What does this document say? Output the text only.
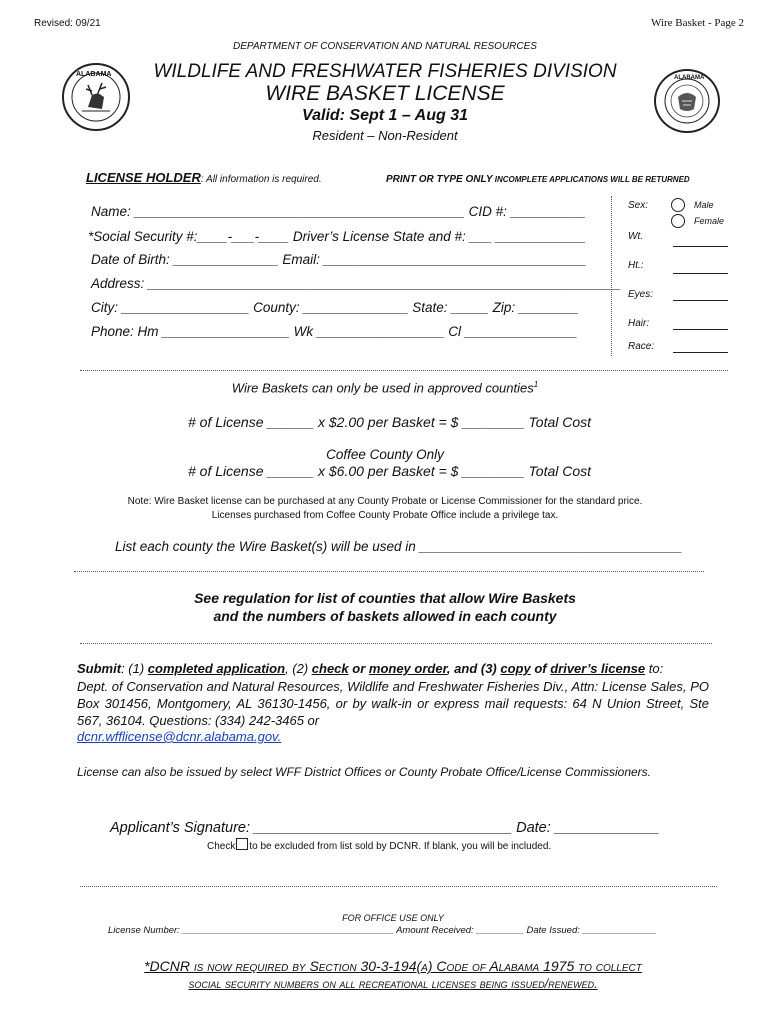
Revised: 09/21	Wire Basket - Page 2
DEPARTMENT OF CONSERVATION AND NATURAL RESOURCES
ALABAMA	ALABAMA
WILDLIFE AND FRESHWATER FISHERIES DIVISION
WIRE BASKET LICENSE
Valid: Sept 1 – Aug 31
Resident – Non-Resident
LICENSE HOLDER: All information is required.	PRINT OR TYPE ONLY INCOMPLETE APPLICATIONS WILL BE RETURNED
Name: ____________________________________________ CID #: __________
*Social Security #:____-___-____ Driver’s License State and #: ___ ____________
Date of Birth: ______________ Email: ___________________________________
Address: _______________________________________________________________
City: _________________ County: ______________ State: _____ Zip: ________
Phone: Hm _________________ Wk _________________ Cl _______________
Sex:	Male
Female
Wt.
Ht.:
Eyes:
Hair:
Race:
Wire Baskets can only be used in approved counties$^1$
# of License ______ x $2.00 per Basket = $ ________ Total Cost
Coffee County Only
# of License ______ x $6.00 per Basket = $ ________ Total Cost
Note: Wire Basket license can be purchased at any County Probate or License Commissioner for the standard price.
Licenses purchased from Coffee County Probate Office include a privilege tax.
List each county the Wire Basket(s) will be used in ___________________________________
See regulation for list of counties that allow Wire Baskets
and the numbers of baskets allowed in each county
Submit: (1) completed application, (2) check or money order, and (3) copy of driver’s license to:
Dept. of Conservation and Natural Resources, Wildlife and Freshwater Fisheries Div., Attn: License Sales, PO Box 301456, Montgomery, AL 36130-1456, or by walk-in or express mail requests: 64 N Union Street, Ste 567, 36104. Questions: (334) 242-3465 or
dcnr.wfflicense@dcnr.alabama.gov.
License can also be issued by select WFF District Offices or County Probate Office/License Commissioners.
Applicant’s Signature: ________________________________ Date: _____________
Check to be excluded from list sold by DCNR. If blank, you will be included.
FOR OFFICE USE ONLY
License Number: ________________________________________ Amount Received: _________ Date Issued: ______________
*DCNR is now required by Section 30-3-194(a) Code of Alabama 1975 to collect
social security numbers on all recreational licenses being issued/renewed.
